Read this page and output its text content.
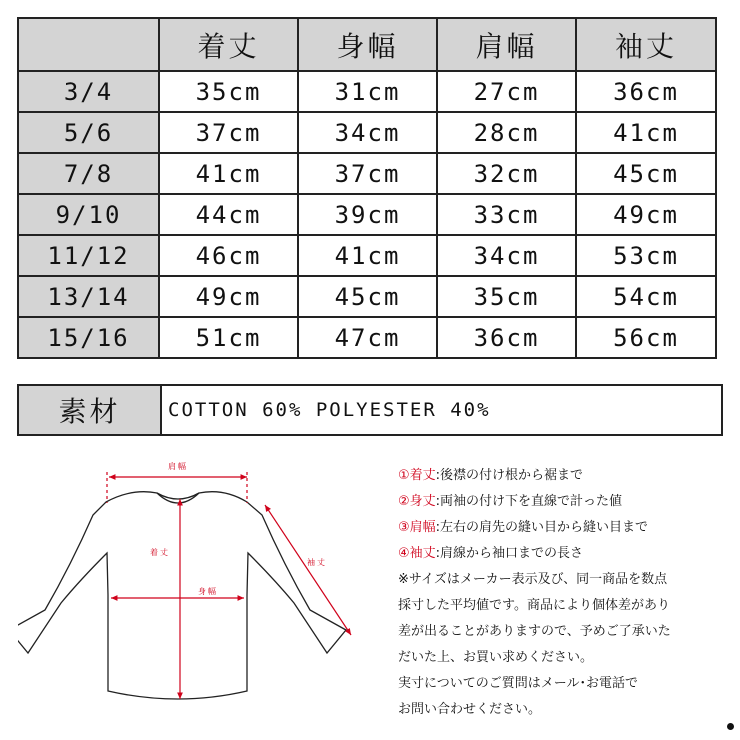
	着丈	身幅	肩幅	袖丈
3/4	35cm	31cm	27cm	36cm
5/6	37cm	34cm	28cm	41cm
7/8	41cm	37cm	32cm	45cm
9/10	44cm	39cm	33cm	49cm
11/12	46cm	41cm	34cm	53cm
13/14	49cm	45cm	35cm	54cm
15/16	51cm	47cm	36cm	56cm
素材	COTTON 60% POLYESTER 40%
肩幅
着丈
身幅
袖丈
①着丈:後襟の付け根から裾まで
②身丈:両袖の付け下を直線で計った値
③肩幅:左右の肩先の縫い目から縫い目まで
④袖丈:肩線から袖口までの長さ
※サイズはメーカー表示及び、同一商品を数点
採寸した平均値です。商品により個体差があり
差が出ることがありますので、予めご了承いた
だいた上、お買い求めください。
実寸についてのご質問はメール･お電話で
お問い合わせください。
